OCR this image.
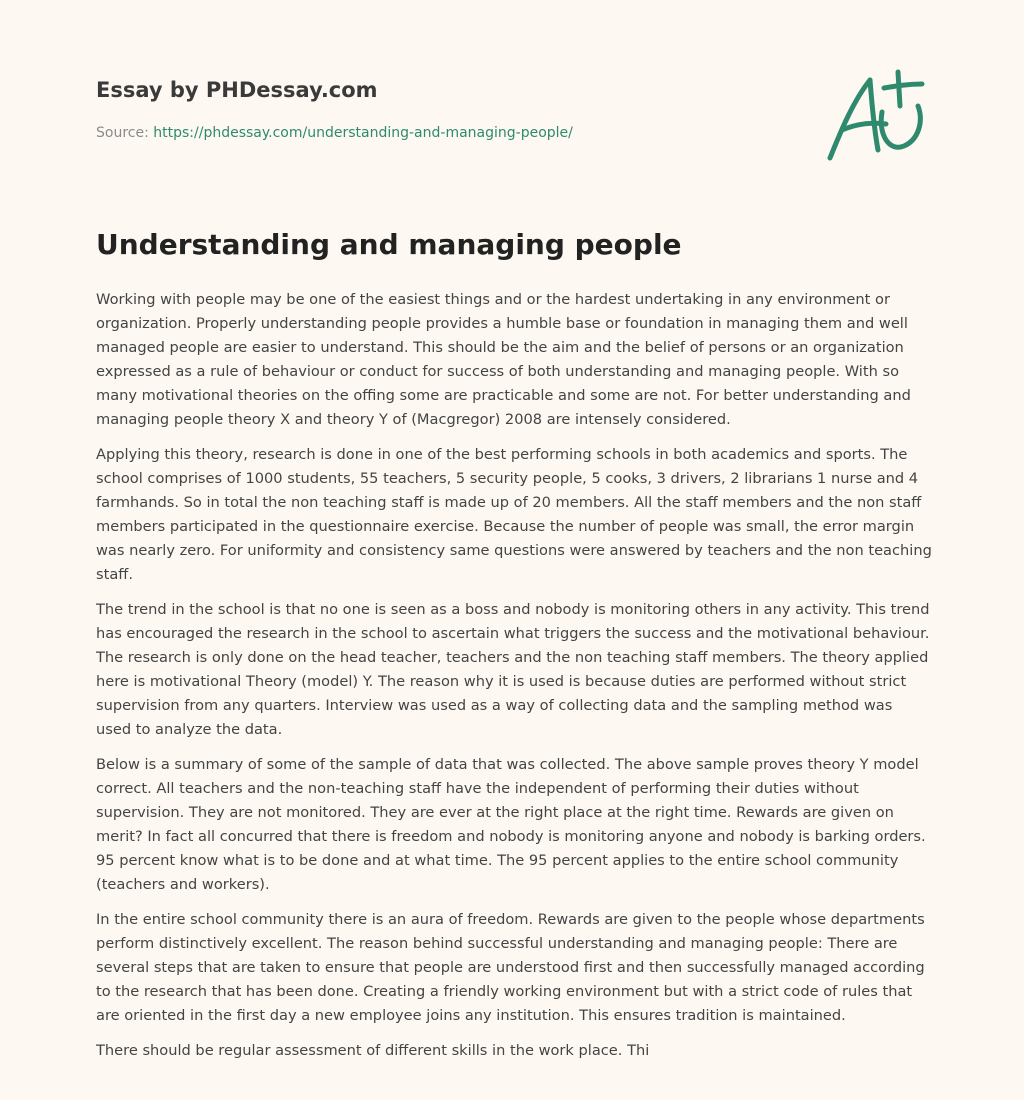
Essay by PHDessay.com
Source: https://phdessay.com/understanding-and-managing-people/
Understanding and managing people

Working with people may be one of the easiest things and or the hardest undertaking in any environment or organization. Properly understanding people provides a humble base or foundation in managing them and well managed people are easier to understand. This should be the aim and the belief of persons or an organization expressed as a rule of behaviour or conduct for success of both understanding and managing people. With so many motivational theories on the offing some are practicable and some are not. For better understanding and managing people theory X and theory Y of (Macgregor) 2008 are intensely considered.

Applying this theory, research is done in one of the best performing schools in both academics and sports. The school comprises of 1000 students, 55 teachers, 5 security people, 5 cooks, 3 drivers, 2 librarians 1 nurse and 4 farmhands. So in total the non teaching staff is made up of 20 members. All the staff members and the non staff members participated in the questionnaire exercise. Because the number of people was small, the error margin was nearly zero. For uniformity and consistency same questions were answered by teachers and the non teaching staff.

The trend in the school is that no one is seen as a boss and nobody is monitoring others in any activity. This trend has encouraged the research in the school to ascertain what triggers the success and the motivational behaviour. The research is only done on the head teacher, teachers and the non teaching staff members. The theory applied here is motivational Theory (model) Y. The reason why it is used is because duties are performed without strict supervision from any quarters. Interview was used as a way of collecting data and the sampling method was used to analyze the data.

Below is a summary of some of the sample of data that was collected. The above sample proves theory Y model correct. All teachers and the non-teaching staff have the independent of performing their duties without supervision. They are not monitored. They are ever at the right place at the right time. Rewards are given on merit? In fact all concurred that there is freedom and nobody is monitoring anyone and nobody is barking orders. 95 percent know what is to be done and at what time. The 95 percent applies to the entire school community (teachers and workers).

In the entire school community there is an aura of freedom. Rewards are given to the people whose departments perform distinctively excellent. The reason behind successful understanding and managing people: There are several steps that are taken to ensure that people are understood first and then successfully managed according to the research that has been done. Creating a friendly working environment but with a strict code of rules that are oriented in the first day a new employee joins any institution. This ensures tradition is maintained.

There should be regular assessment of different skills in the work place. Thi
